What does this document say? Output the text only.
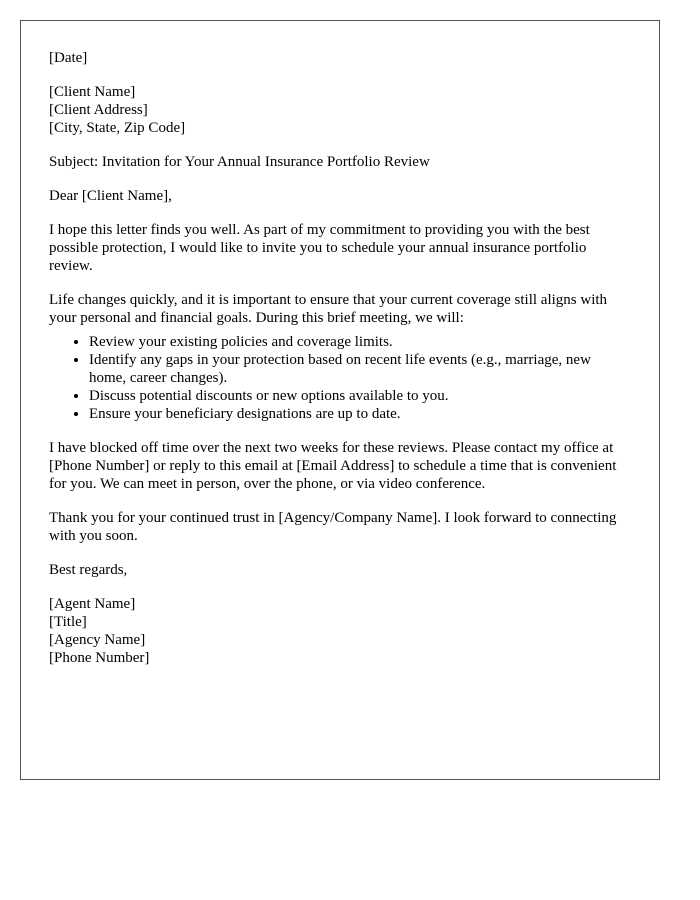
[Date]
[Client Name]
[Client Address]
[City, State, Zip Code]

Subject: Invitation for Your Annual Insurance Portfolio Review

Dear [Client Name],

I hope this letter finds you well. As part of my commitment to providing you with the best possible protection, I would like to invite you to schedule your annual insurance portfolio review.

Life changes quickly, and it is important to ensure that your current coverage still aligns with your personal and financial goals. During this brief meeting, we will:

• Review your existing policies and coverage limits.
• Identify any gaps in your protection based on recent life events (e.g., marriage, new home, career changes).
• Discuss potential discounts or new options available to you.
• Ensure your beneficiary designations are up to date.

I have blocked off time over the next two weeks for these reviews. Please contact my office at [Phone Number] or reply to this email at [Email Address] to schedule a time that is convenient for you. We can meet in person, over the phone, or via video conference.

Thank you for your continued trust in [Agency/Company Name]. I look forward to connecting with you soon.

Best regards,

[Agent Name]
[Title]
[Agency Name]
[Phone Number]
